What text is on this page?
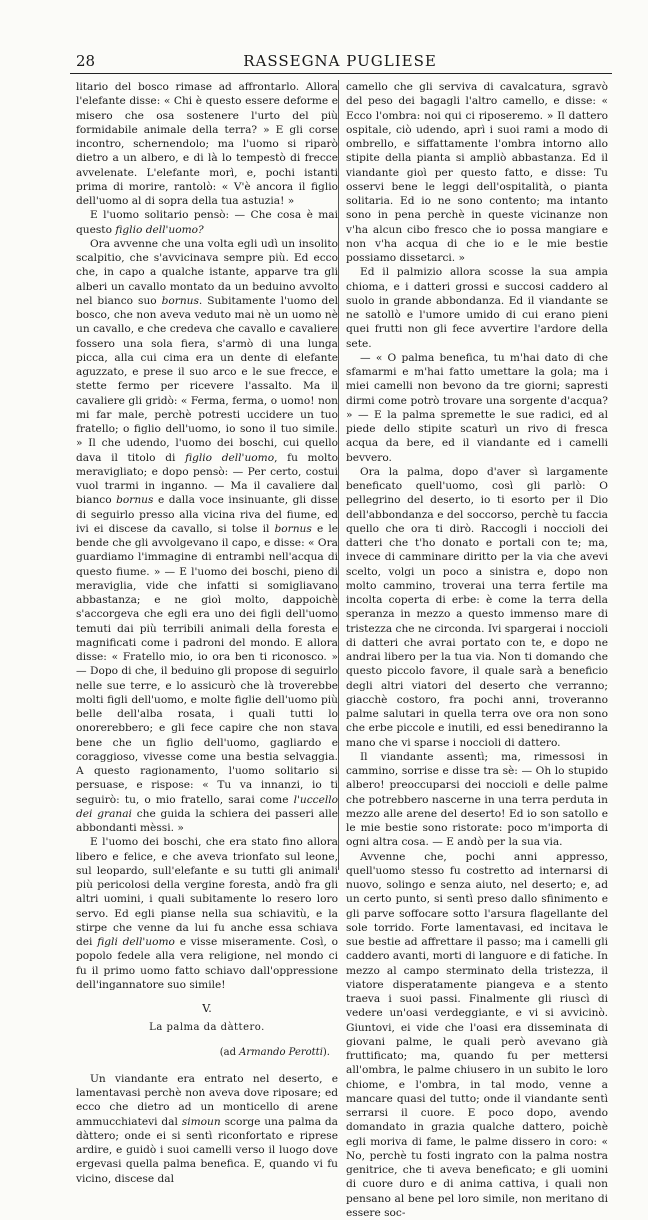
28	RASSEGNA PUGLIESE

litario del bosco rimase ad affrontarlo. Allora l'elefante disse: « Chi è questo essere deforme e misero che osa sostenere l'urto del più formidabile animale della terra? » E gli corse incontro, schernendolo; ma l'uomo si riparò dietro a un albero, e di là lo tempestò di frecce avvelenate. L'elefante morì, e, pochi istanti prima di morire, rantolò: « V'è ancora il figlio dell'uomo al di sopra della tua astuzia! »

E l'uomo solitario pensò: — Che cosa è mai questo figlio dell'uomo?

Ora avvenne che una volta egli udì un insolito scalpitio, che s'avvicinava sempre più. Ed ecco che, in capo a qualche istante, apparve tra gli alberi un cavallo montato da un beduino avvolto nel bianco suo bornus. Subitamente l'uomo del bosco, che non aveva veduto mai nè un uomo nè un cavallo, e che credeva che cavallo e cavaliere fossero una sola fiera, s'armò di una lunga picca, alla cui cima era un dente di elefante aguzzato, e prese il suo arco e le sue frecce, e stette fermo per ricevere l'assalto. Ma il cavaliere gli gridò: « Ferma, ferma, o uomo! non mi far male, perchè potresti uccidere un tuo fratello; o figlio dell'uomo, io sono il tuo simile. » Il che udendo, l'uomo dei boschi, cui quello dava il titolo di figlio dell'uomo, fu molto meravigliato; e dopo pensò: — Per certo, costui vuol trarmi in inganno. — Ma il cavaliere dal bianco bornus e dalla voce insinuante, gli disse di seguirlo presso alla vicina riva del fiume, ed ivi ei discese da cavallo, si tolse il bornus e le bende che gli avvolgevano il capo, e disse: « Ora guardiamo l'immagine di entrambi nell'acqua di questo fiume. » — E l'uomo dei boschi, pieno di meraviglia, vide che infatti si somigliavano abbastanza; e ne gioì molto, dappoichè s'accorgeva che egli era uno dei figli dell'uomo temuti dai più terribili animali della foresta e magnificati come i padroni del mondo. E allora disse: « Fratello mio, io ora ben ti riconosco. » — Dopo di che, il beduino gli propose di seguirlo nelle sue terre, e lo assicurò che là troverebbe molti figli dell'uomo, e molte figlie dell'uomo più belle dell'alba rosata, i quali tutti lo onorerebbero; e gli fece capire che non stava bene che un figlio dell'uomo, gagliardo e coraggioso, vivesse come una bestia selvaggia. A questo ragionamento, l'uomo solitario si persuase, e rispose: « Tu va innanzi, io ti seguirò: tu, o mio fratello, sarai come l'uccello dei granai che guida la schiera dei passeri alle abbondanti mèssi. »

E l'uomo dei boschi, che era stato fino allora libero e felice, e che aveva trionfato sul leone, sul leopardo, sull'elefante e su tutti gli animali più pericolosi della vergine foresta, andò fra gli altri uomini, i quali subitamente lo resero loro servo. Ed egli pianse nella sua schiavitù, e la stirpe che venne da lui fu anche essa schiava dei figli dell'uomo e visse miseramente. Così, o popolo fedele alla vera religione, nel mondo ci fu il primo uomo fatto schiavo dall'oppressione dell'ingannatore suo simile!

V.
La palma da dàttero.
(ad Armando Perotti).

Un viandante era entrato nel deserto, e lamentavasi perchè non aveva dove riposare; ed ecco che dietro ad un monticello di arene ammucchiatevi dal simoun scorge una palma da dàttero; onde ei si sentì riconfortato e riprese ardire, e guidò i suoi camelli verso il luogo dove ergevasi quella palma benefica. E, quando vi fu vicino, discese dal

camello che gli serviva di cavalcatura, sgravò del peso dei bagagli l'altro camello, e disse: « Ecco l'ombra: noi qui ci riposeremo. » Il dattero ospitale, ciò udendo, aprì i suoi rami a modo di ombrello, e siffattamente l'ombra intorno allo stipite della pianta si ampliò abbastanza. Ed il viandante gioì per questo fatto, e disse: Tu osservi bene le leggi dell'ospitalità, o pianta solitaria. Ed io ne sono contento; ma intanto sono in pena perchè in queste vicinanze non v'ha alcun cibo fresco che io possa mangiare e non v'ha acqua di che io e le mie bestie possiamo dissetarci. »

Ed il palmizio allora scosse la sua ampia chioma, e i datteri grossi e succosi caddero al suolo in grande abbondanza. Ed il viandante se ne satollò e l'umore umido di cui erano pieni quei frutti non gli fece avvertire l'ardore della sete.

— « O palma benefica, tu m'hai dato di che sfamarmi e m'hai fatto umettare la gola; ma i miei camelli non bevono da tre giorni; sapresti dirmi come potrò trovare una sorgente d'acqua? » — E la palma spremette le sue radici, ed al piede dello stipite scaturì un rivo di fresca acqua da bere, ed il viandante ed i camelli bevvero.

Ora la palma, dopo d'aver sì largamente beneficato quell'uomo, così gli parlò: O pellegrino del deserto, io ti esorto per il Dio dell'abbondanza e del soccorso, perchè tu faccia quello che ora ti dirò. Raccogli i noccioli dei datteri che t'ho donato e portali con te; ma, invece di camminare diritto per la via che avevi scelto, volgi un poco a sinistra e, dopo non molto cammino, troverai una terra fertile ma incolta coperta di erbe: è come la terra della speranza in mezzo a questo immenso mare di tristezza che ne circonda. Ivi spargerai i noccioli di datteri che avrai portato con te, e dopo ne andrai libero per la tua via. Non ti domando che questo piccolo favore, il quale sarà a beneficio degli altri viatori del deserto che verranno; giacchè costoro, fra pochi anni, troveranno palme salutari in quella terra ove ora non sono che erbe piccole e inutili, ed essi benediranno la mano che vi sparse i noccioli di dattero.

Il viandante assentì; ma, rimessosi in cammino, sorrise e disse tra sè: — Oh lo stupido albero! preoccuparsi dei noccioli e delle palme che potrebbero nascerne in una terra perduta in mezzo alle arene del deserto! Ed io son satollo e le mie bestie sono ristorate: poco m'importa di ogni altra cosa. — E andò per la sua via.

Avvenne che, pochi anni appresso, quell'uomo stesso fu costretto ad internarsi di nuovo, solingo e senza aiuto, nel deserto; e, ad un certo punto, si sentì preso dallo sfinimento e gli parve soffocare sotto l'arsura flagellante del sole torrido. Forte lamentavasi, ed incitava le sue bestie ad affrettare il passo; ma i camelli gli caddero avanti, morti di languore e di fatiche. In mezzo al campo sterminato della tristezza, il viatore disperatamente piangeva e a stento traeva i suoi passi. Finalmente gli riuscì di vedere un'oasi verdeggiante, e vi si avvicinò. Giuntovi, ei vide che l'oasi era disseminata di giovani palme, le quali però avevano già fruttificato; ma, quando fu per mettersi all'ombra, le palme chiusero in un subito le loro chiome, e l'ombra, in tal modo, venne a mancare quasi del tutto; onde il viandante sentì serrarsi il cuore. E poco dopo, avendo domandato in grazia qualche dattero, poichè egli moriva di fame, le palme dissero in coro: « No, perchè tu fosti ingrato con la palma nostra genitrice, che ti aveva beneficato; e gli uomini di cuore duro e di anima cattiva, i quali non pensano al bene pel loro simile, non meritano di essere soc-
